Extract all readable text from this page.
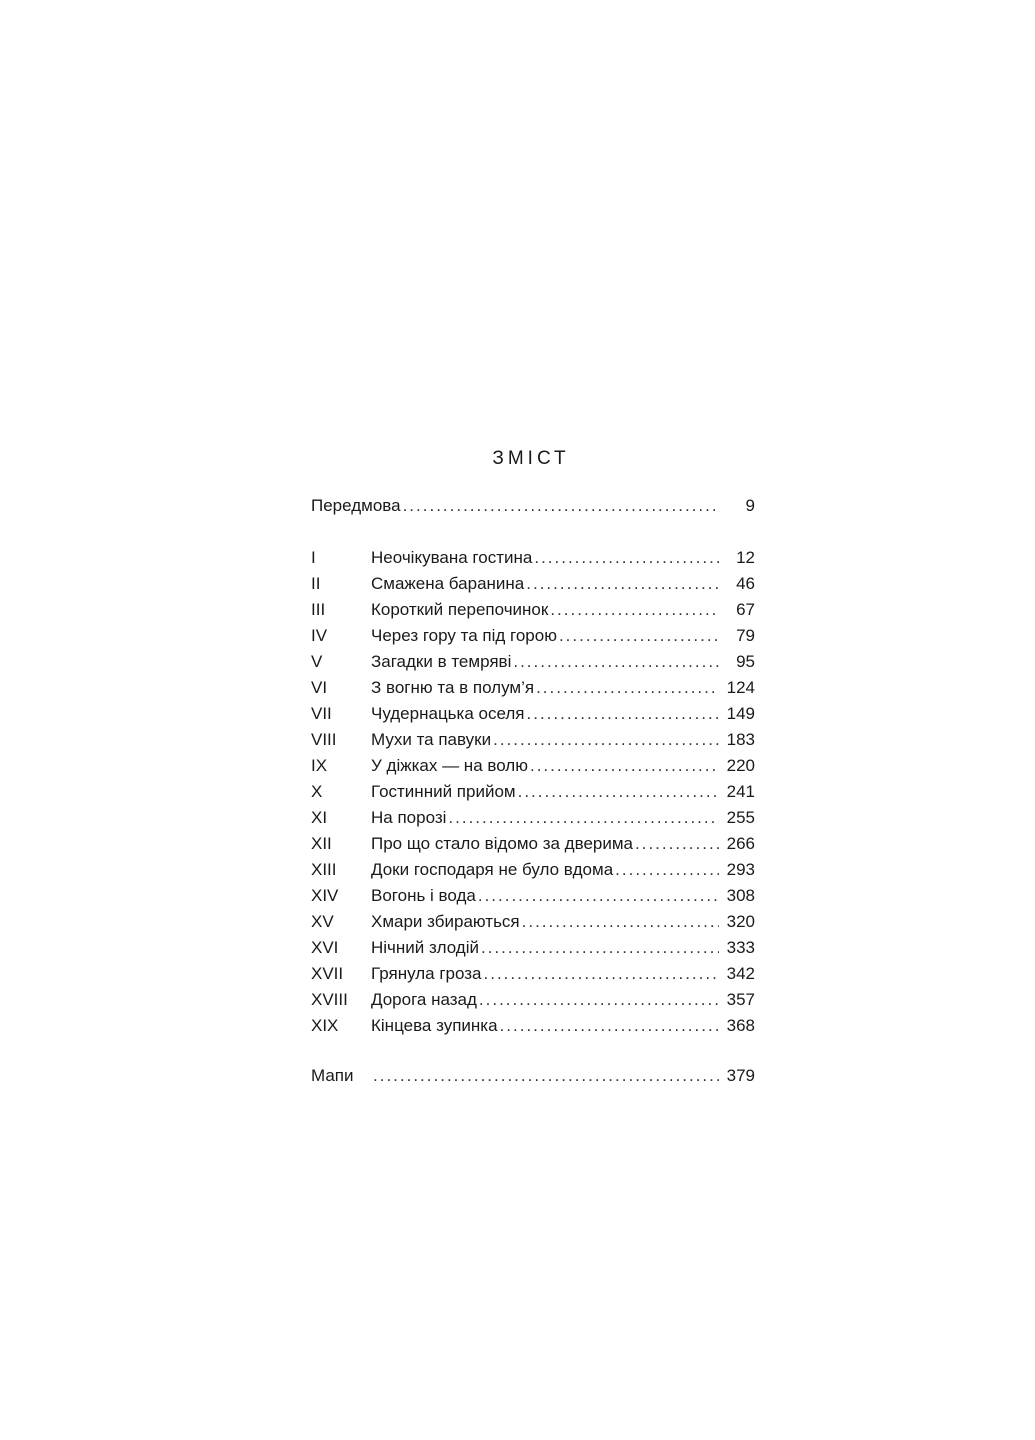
ЗМІСТ
Передмова .....	9
I	Неочікувана гостина .....	12
II	Смажена баранина .....	46
III	Короткий перепочинок .....	67
IV	Через гору та під горою .....	79
V	Загадки в темряві .....	95
VI	З вогню та в полум’я .....	124
VII	Чудернацька оселя .....	149
VIII	Мухи та павуки .....	183
IX	У діжках — на волю .....	220
X	Гостинний прийом .....	241
XI	На порозі .....	255
XII	Про що стало відомо за дверима .....	266
XIII	Доки господаря не було вдома .....	293
XIV	Вогонь і вода .....	308
XV	Хмари збираються .....	320
XVI	Нічний злодій .....	333
XVII	Грянула гроза .....	342
XVIII	Дорога назад .....	357
XIX	Кінцева зупинка .....	368
Мапи .....	379
